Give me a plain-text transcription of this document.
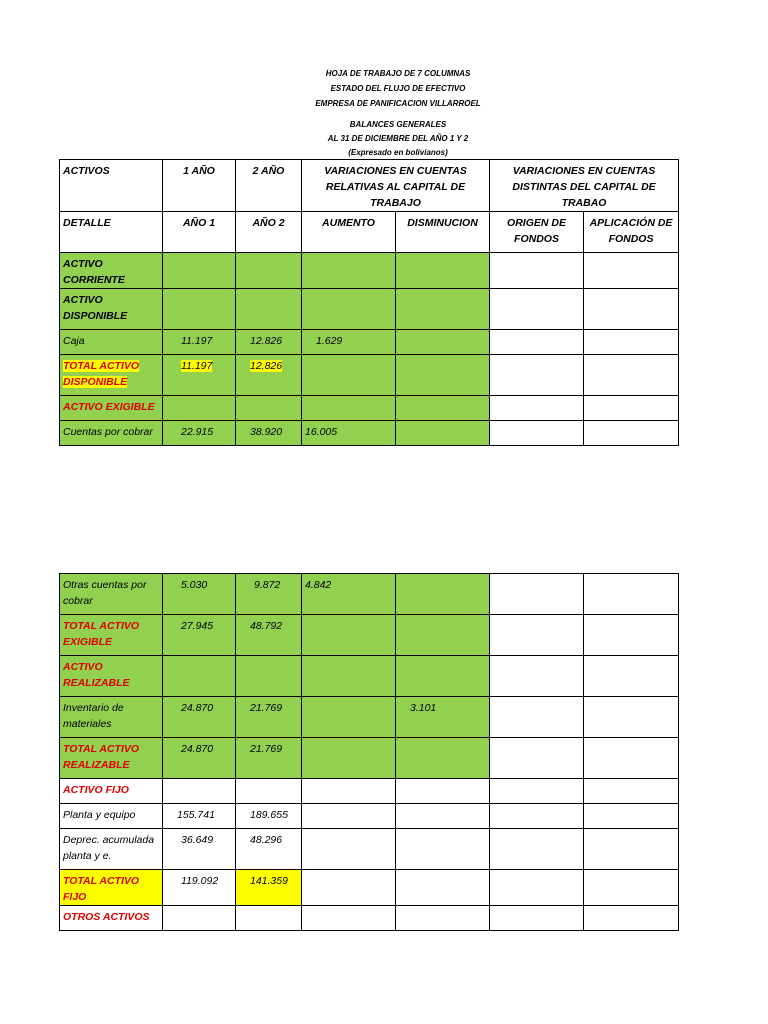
HOJA DE TRABAJO DE 7 COLUMNAS
ESTADO DEL FLUJO DE EFECTIVO
EMPRESA DE PANIFICACION VILLARROEL
BALANCES GENERALES
AL 31 DE DICIEMBRE DEL AÑO 1 Y 2
(Expresado en bolivianos)
ACTIVOS	1 AÑO	2 AÑO	VARIACIONES EN CUENTAS RELATIVAS AL CAPITAL DE TRABAJO		VARIACIONES EN CUENTAS DISTINTAS DEL CAPITAL DE TRABAO	
DETALLE	AÑO 1	AÑO 2	AUMENTO	DISMINUCION	ORIGEN DE FONDOS	APLICACIÓN DE FONDOS
ACTIVO CORRIENTE						
ACTIVO DISPONIBLE						
Caja	11.197	12.826	1.629			
TOTAL ACTIVO DISPONIBLE	11.197	12.826				
ACTIVO EXIGIBLE						
Cuentas por cobrar	22.915	38.920	16.005			
Otras cuentas por cobrar	5.030	9.872	4.842			
TOTAL ACTIVO EXIGIBLE	27.945	48.792				
ACTIVO REALIZABLE						
Inventario de materiales	24.870	21.769		3.101		
TOTAL ACTIVO REALIZABLE	24.870	21.769				
ACTIVO FIJO						
Planta y equipo	155.741	189.655				
Deprec. acumulada planta y e.	36.649	48.296				
TOTAL ACTIVO FIJO	119.092	141.359				
OTROS ACTIVOS						
